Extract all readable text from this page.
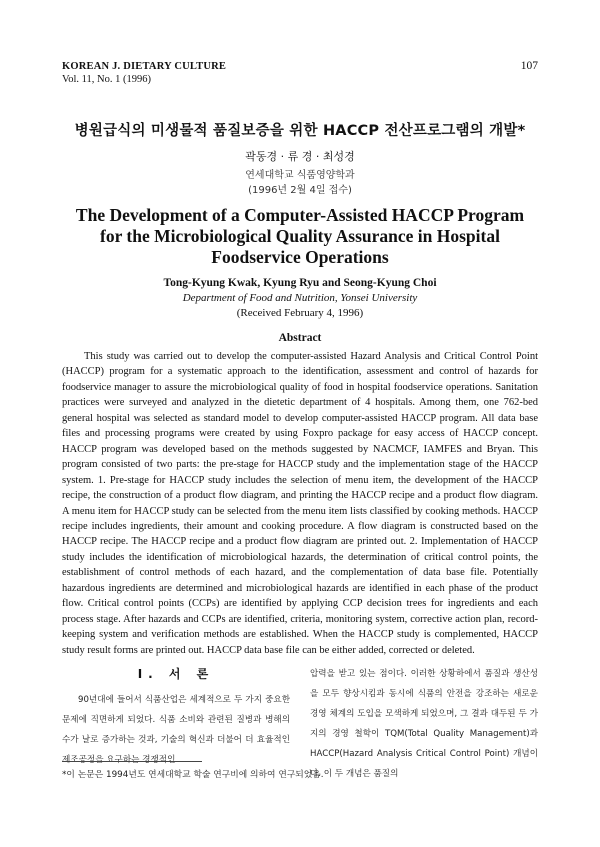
KOREAN J. DIETARY CULTURE
Vol. 11, No. 1 (1996)
107
병원급식의 미생물적 품질보증을 위한 HACCP 전산프로그램의 개발*
곽동경 · 류 경 · 최성경
연세대학교 식품영양학과
(1996년 2월 4일 접수)
The Development of a Computer-Assisted HACCP Program
for the Microbiological Quality Assurance in Hospital
Foodservice Operations
Tong-Kyung Kwak, Kyung Ryu and Seong-Kyung Choi
Department of Food and Nutrition, Yonsei University
(Received February 4, 1996)
Abstract
This study was carried out to develop the computer-assisted Hazard Analysis and Critical Control Point (HACCP) program for a systematic approach to the identification, assessment and control of hazards for foodservice manager to assure the microbiological quality of food in hospital foodservice operations. Sanitation practices were surveyed and analyzed in the dietetic department of 4 hospitals. Among them, one 762-bed general hospital was selected as standard model to develop computer-assisted HACCP program. All data base files and processing programs were created by using Foxpro package for easy access of HACCP concept. HACCP program was developed based on the methods suggested by NACMCF, IAMFES and Bryan. This program consisted of two parts: the pre-stage for HACCP study and the implementation stage of the HACCP system. 1. Pre-stage for HACCP study includes the selection of menu item, the development of the HACCP recipe, the construction of a product flow diagram, and printing the HACCP recipe and a product flow diagram. A menu item for HACCP study can be selected from the menu item lists classified by cooking methods. HACCP recipe includes ingredients, their amount and cooking procedure. A flow diagram is constructed based on the HACCP recipe. The HACCP recipe and a product flow diagram are printed out. 2. Implementation of HACCP study includes the identification of microbiological hazards, the determination of critical control points, the establishment of control methods of each hazard, and the complementation of data base file. Potentially hazardous ingredients are determined and microbiological hazards are identified in each phase of the product flow. Critical control points (CCPs) are identified by applying CCP decision trees for ingredients and each process stage. After hazards and CCPs are identified, criteria, monitoring system, corrective action plan, record-keeping system and verification methods are established. When the HACCP study is complemented, HACCP study result forms are printed out. HACCP data base file can be either added, corrected or deleted.
I. 서 론
90년대에 들어서 식품산업은 세계적으로 두 가지 중요한 문제에 직면하게 되었다. 식품 소비와 관련된 질병과 병해의 수가 날로 증가하는 것과, 기술의 혁신과 더불어 더 효율적인 제조공정을 요구하는 경쟁적인
압력을 받고 있는 점이다. 이러한 상황하에서 품질과 생산성을 모두 향상시킴과 동시에 식품의 안전을 강조하는 새로운 경영 체계의 도입을 모색하게 되었으며, 그 결과 대두된 두 가지의 경영 철학이 TQM(Total Quality Management)과 HACCP(Hazard Analysis Critical Control Point) 개념이다. 이 두 개념은 품질의
*이 논문은 1994년도 연세대학교 학술 연구비에 의하여 연구되었음.
